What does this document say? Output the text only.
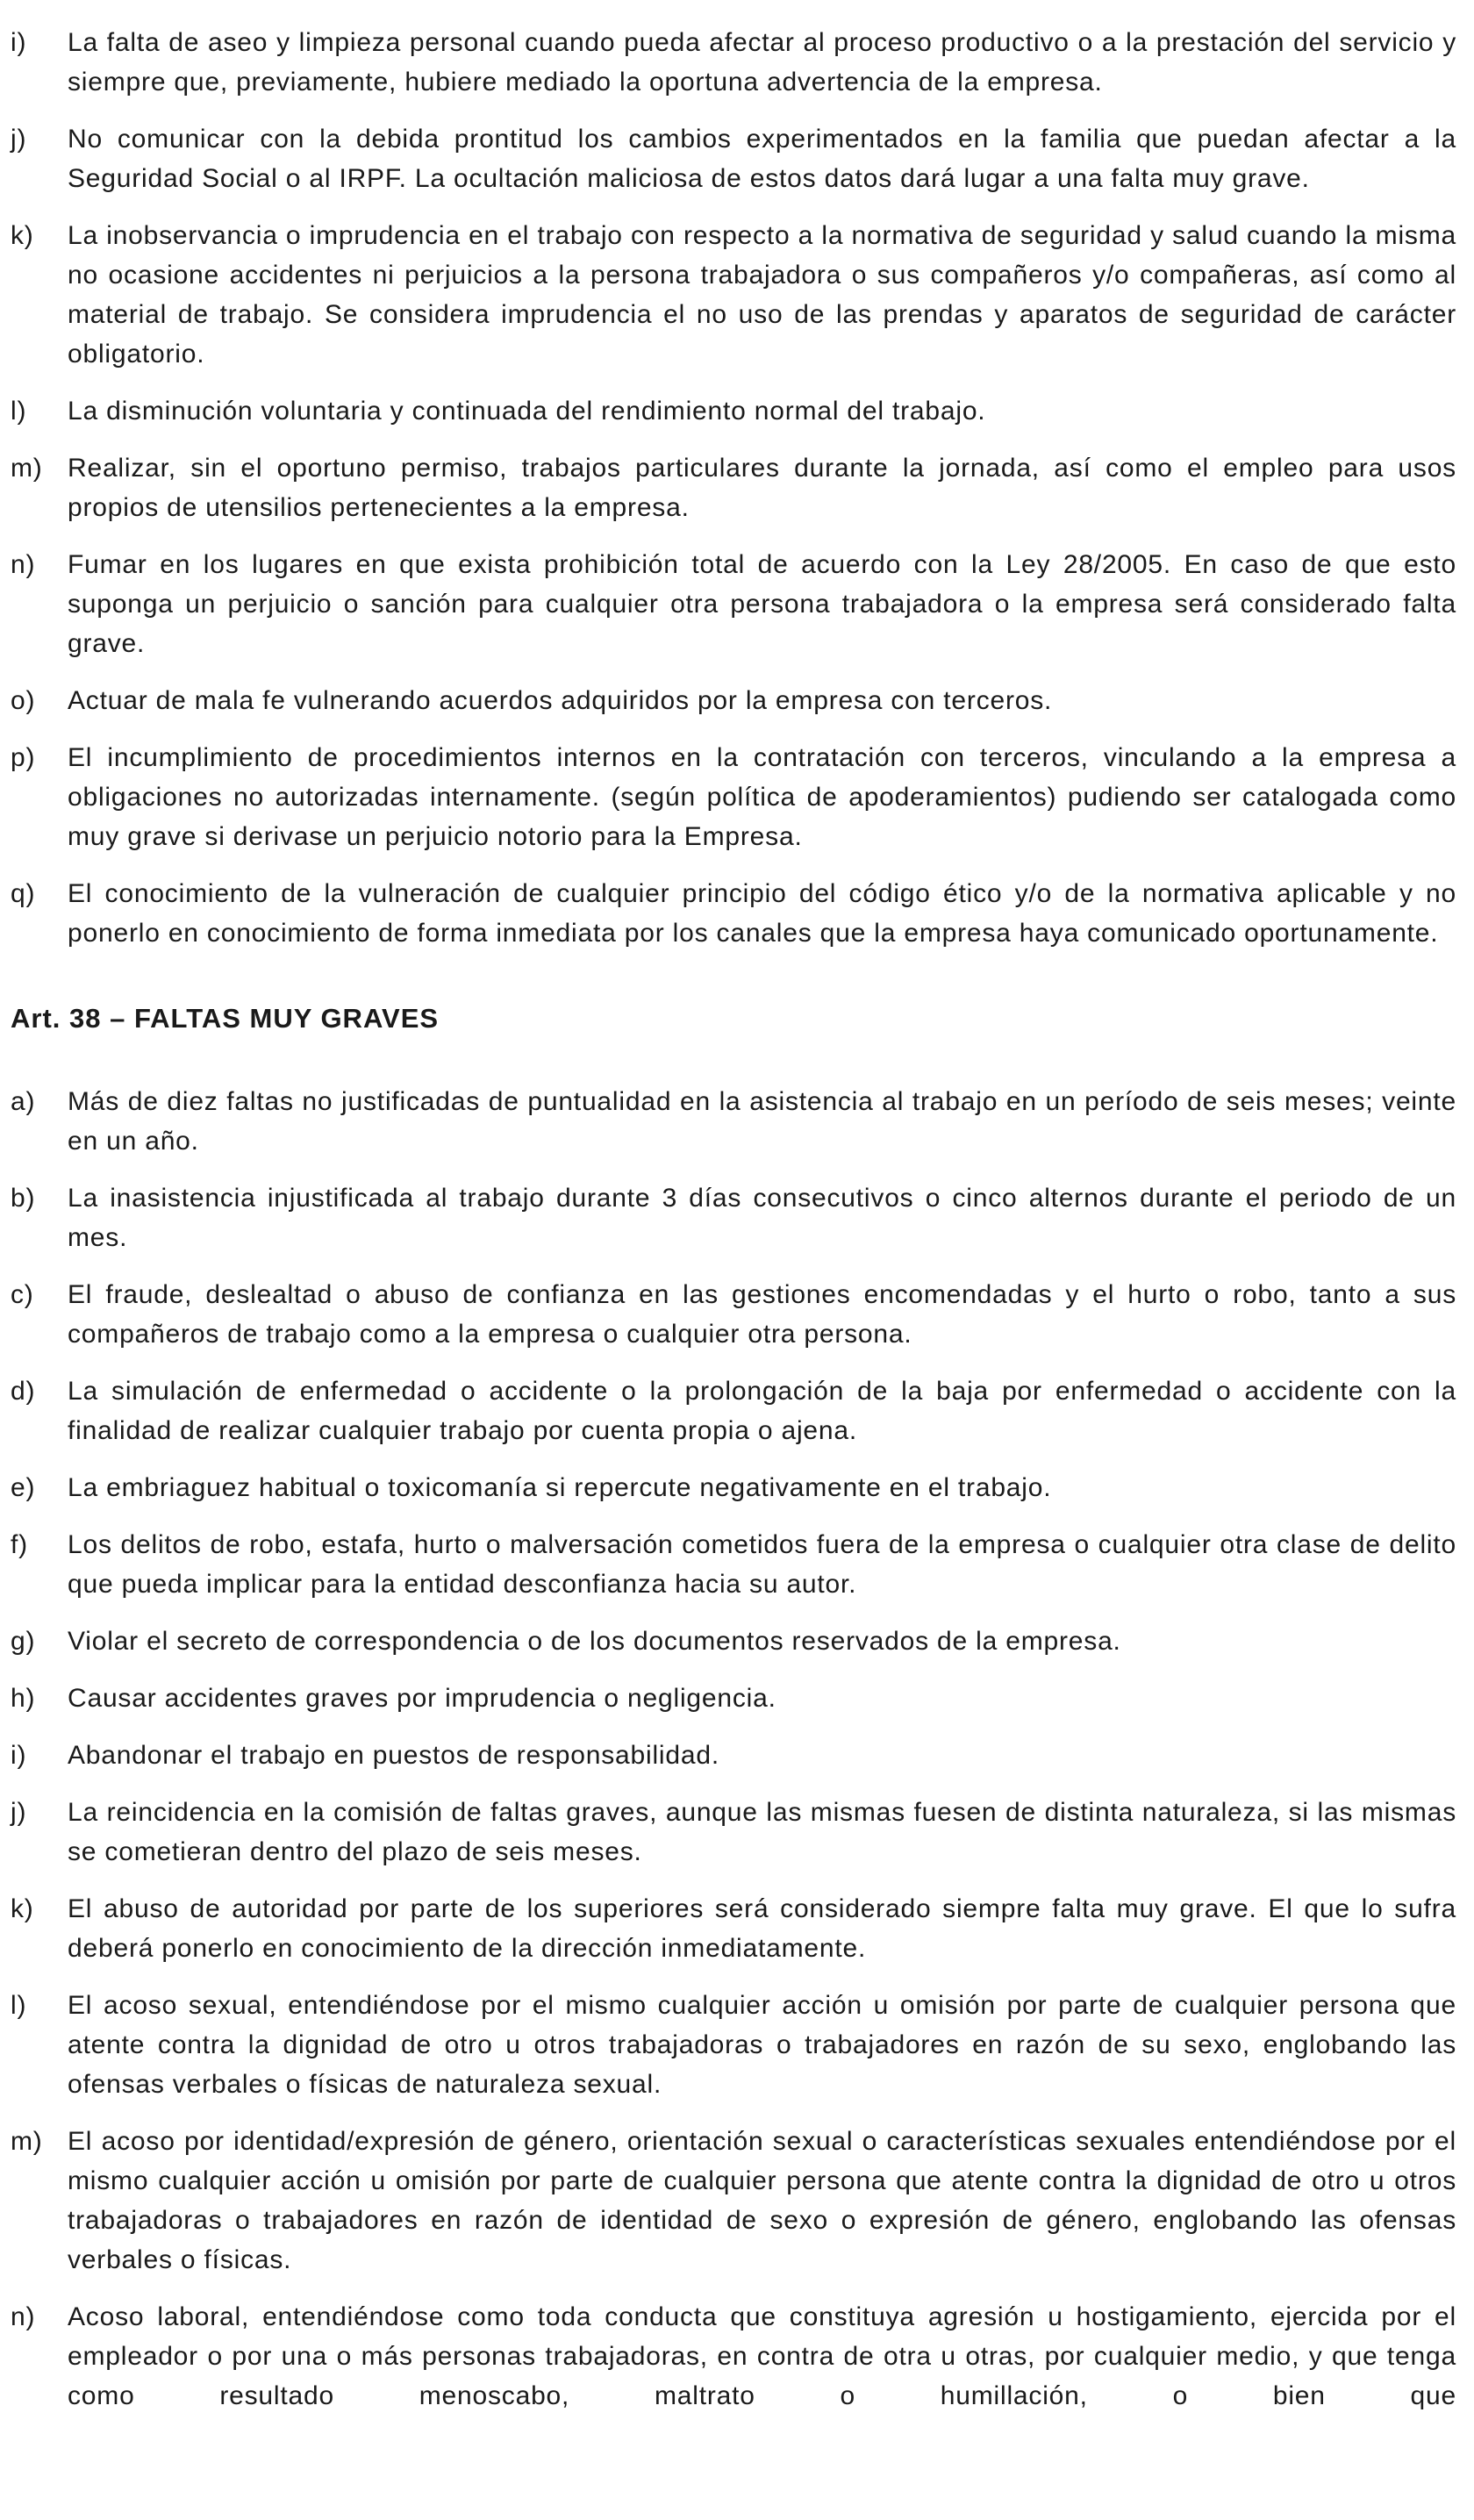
i)	La falta de aseo y limpieza personal cuando pueda afectar al proceso productivo o a la prestación del servicio y siempre que, previamente, hubiere mediado la oportuna advertencia de la empresa.
j)	No comunicar con la debida prontitud los cambios experimentados en la familia que puedan afectar a la Seguridad Social o al IRPF. La ocultación maliciosa de estos datos dará lugar a una falta muy grave.
k)	La inobservancia o imprudencia en el trabajo con respecto a la normativa de seguridad y salud cuando la misma no ocasione accidentes ni perjuicios a la persona trabajadora o sus compañeros y/o compañeras, así como al material de trabajo. Se considera imprudencia el no uso de las prendas y aparatos de seguridad de carácter obligatorio.
l)	La disminución voluntaria y continuada del rendimiento normal del trabajo.
m) Realizar, sin el oportuno permiso, trabajos particulares durante la jornada, así como el empleo para usos propios de utensilios pertenecientes a la empresa.
n)	Fumar en los lugares en que exista prohibición total de acuerdo con la Ley 28/2005. En caso de que esto suponga un perjuicio o sanción para cualquier otra persona trabajadora o la empresa será considerado falta grave.
o)	Actuar de mala fe vulnerando acuerdos adquiridos por la empresa con terceros.
p)	El incumplimiento de procedimientos internos en la contratación con terceros, vinculando a la empresa a obligaciones no autorizadas internamente. (según política de apoderamientos) pudiendo ser catalogada como muy grave si derivase un perjuicio notorio para la Empresa.
q)	El conocimiento de la vulneración de cualquier principio del código ético y/o de la normativa aplicable y no ponerlo en conocimiento de forma inmediata por los canales que la empresa haya comunicado oportunamente.
Art. 38 – FALTAS MUY GRAVES
a)	Más de diez faltas no justificadas de puntualidad en la asistencia al trabajo en un período de seis meses; veinte en un año.
b)	La inasistencia injustificada al trabajo durante 3 días consecutivos o cinco alternos durante el periodo de un mes.
c)	El fraude, deslealtad o abuso de confianza en las gestiones encomendadas y el hurto o robo, tanto a sus compañeros de trabajo como a la empresa o cualquier otra persona.
d)	La simulación de enfermedad o accidente o la prolongación de la baja por enfermedad o accidente con la finalidad de realizar cualquier trabajo por cuenta propia o ajena.
e)	La embriaguez habitual o toxicomanía si repercute negativamente en el trabajo.
f)	Los delitos de robo, estafa, hurto o malversación cometidos fuera de la empresa o cualquier otra clase de delito que pueda implicar para la entidad desconfianza hacia su autor.
g)	Violar el secreto de correspondencia o de los documentos reservados de la empresa.
h)	Causar accidentes graves por imprudencia o negligencia.
i)	Abandonar el trabajo en puestos de responsabilidad.
j)	La reincidencia en la comisión de faltas graves, aunque las mismas fuesen de distinta naturaleza, si las mismas se cometieran dentro del plazo de seis meses.
k)	El abuso de autoridad por parte de los superiores será considerado siempre falta muy grave. El que lo sufra deberá ponerlo en conocimiento de la dirección inmediatamente.
l)	El acoso sexual, entendiéndose por el mismo cualquier acción u omisión por parte de cualquier persona que atente contra la dignidad de otro u otros trabajadoras o trabajadores en razón de su sexo, englobando las ofensas verbales o físicas de naturaleza sexual.
m) El acoso por identidad/expresión de género, orientación sexual o características sexuales entendiéndose por el mismo cualquier acción u omisión por parte de cualquier persona que atente contra la dignidad de otro u otros trabajadoras o trabajadores en razón de identidad de sexo o expresión de género, englobando las ofensas verbales o físicas.
n)	Acoso laboral, entendiéndose como toda conducta que constituya agresión u hostigamiento, ejercida por el empleador o por una o más personas trabajadoras, en contra de otra u otras, por cualquier medio, y que tenga como resultado menoscabo, maltrato o humillación, o bien que
